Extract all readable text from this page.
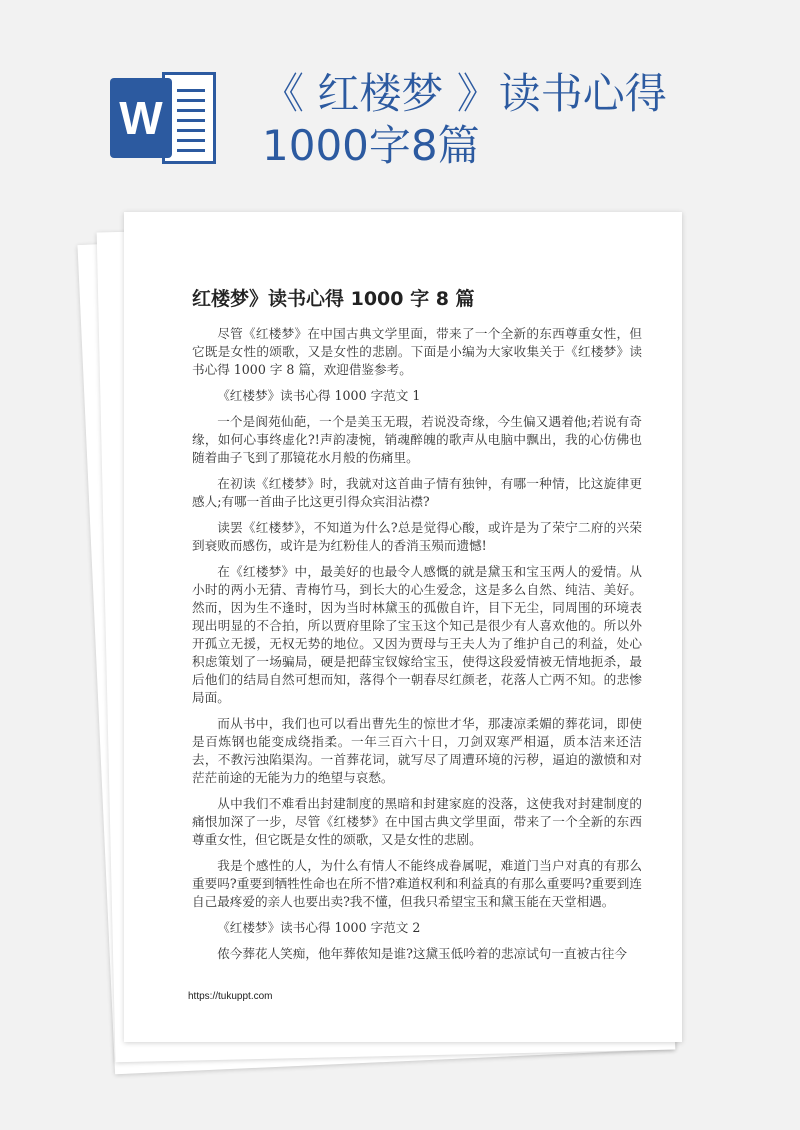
W 《 红楼梦 》读书心得1000字8篇
红楼梦》读书心得 1000 字 8 篇

尽管《红楼梦》在中国古典文学里面，带来了一个全新的东西尊重女性，但它既是女性的颂歌，又是女性的悲剧。下面是小编为大家收集关于《红楼梦》读书心得 1000 字 8 篇，欢迎借鉴参考。

《红楼梦》读书心得 1000 字范文 1

一个是阆苑仙葩，一个是美玉无瑕，若说没奇缘，今生偏又遇着他;若说有奇缘，如何心事终虚化?!声韵凄惋，销魂醉魄的歌声从电脑中飘出，我的心仿佛也随着曲子飞到了那镜花水月般的伤痛里。

在初读《红楼梦》时，我就对这首曲子情有独钟，有哪一种情，比这旋律更感人;有哪一首曲子比这更引得众宾泪沾襟?

读罢《红楼梦》，不知道为什么?总是觉得心酸，或许是为了荣宁二府的兴荣到衰败而感伤，或许是为红粉佳人的香消玉殒而遗憾!

在《红楼梦》中，最美好的也最令人感慨的就是黛玉和宝玉两人的爱情。从小时的两小无猜、青梅竹马，到长大的心生爱念，这是多么自然、纯洁、美好。然而，因为生不逢时，因为当时林黛玉的孤傲自许，目下无尘，同周围的环境表现出明显的不合拍，所以贾府里除了宝玉这个知己是很少有人喜欢他的。所以外开孤立无援，无权无势的地位。又因为贾母与王夫人为了维护自己的利益，处心积虑策划了一场骗局，硬是把薛宝钗嫁给宝玉，使得这段爱情被无情地扼杀，最后他们的结局自然可想而知，落得个一朝春尽红颜老，花落人亡两不知。的悲惨局面。

而从书中，我们也可以看出曹先生的惊世才华，那凄凉柔媚的葬花词，即使是百炼钢也能变成绕指柔。一年三百六十日，刀剑双寒严相逼，质本洁来还洁去，不教污浊陷渠沟。一首葬花词，就写尽了周遭环境的污秽，逼迫的激愤和对茫茫前途的无能为力的绝望与哀愁。

从中我们不难看出封建制度的黑暗和封建家庭的没落，这使我对封建制度的痛恨加深了一步，尽管《红楼梦》在中国古典文学里面，带来了一个全新的东西尊重女性，但它既是女性的颂歌，又是女性的悲剧。

我是个感性的人，为什么有情人不能终成眷属呢，难道门当户对真的有那么重要吗?重要到牺牲性命也在所不惜?难道权利和利益真的有那么重要吗?重要到连自己最疼爱的亲人也要出卖?我不懂，但我只希望宝玉和黛玉能在天堂相遇。

《红楼梦》读书心得 1000 字范文 2

侬今葬花人笑痴，他年葬侬知是谁?这黛玉低吟着的悲凉试句一直被古往今

https://tukuppt.com
